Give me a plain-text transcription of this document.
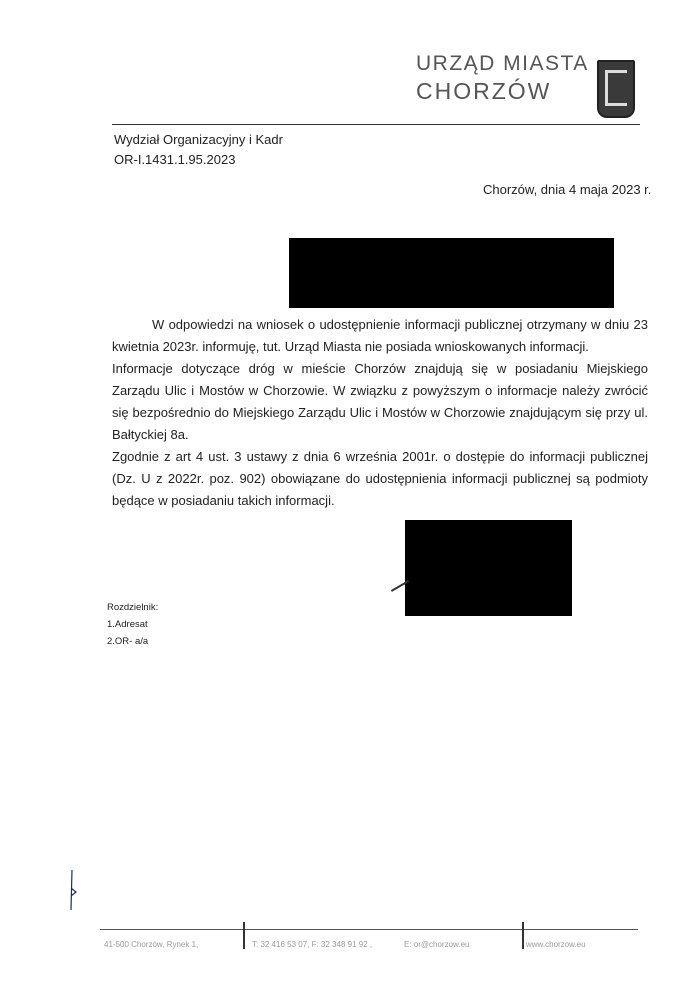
URZĄD MIASTA
CHORZÓW
Wydział Organizacyjny i Kadr
OR-I.1431.1.95.2023
Chorzów, dnia 4 maja 2023 r.

W odpowiedzi na wniosek o udostępnienie informacji publicznej otrzymany w dniu 23 kwietnia 2023r. informuję, tut. Urząd Miasta nie posiada wnioskowanych informacji.

Informacje dotyczące dróg w mieście Chorzów znajdują się w posiadaniu Miejskiego Zarządu Ulic i Mostów w Chorzowie. W związku z powyższym o informacje należy zwrócić się bezpośrednio do Miejskiego Zarządu Ulic i Mostów w Chorzowie znajdującym się przy ul. Bałtyckiej 8a.

Zgodnie z art 4 ust. 3 ustawy z dnia 6 września 2001r. o dostępie do informacji publicznej (Dz. U z 2022r. poz. 902) obowiązane do udostępnienia informacji publicznej są podmioty będące w posiadaniu takich informacji.

Rozdzielnik:
1.Adresat
2.OR- a/a
41-500 Chorzów, Rynek 1,	T: 32 416 53 07, F: 32 348 91 92 ,	E: or@chorzow.eu	www.chorzow.eu
